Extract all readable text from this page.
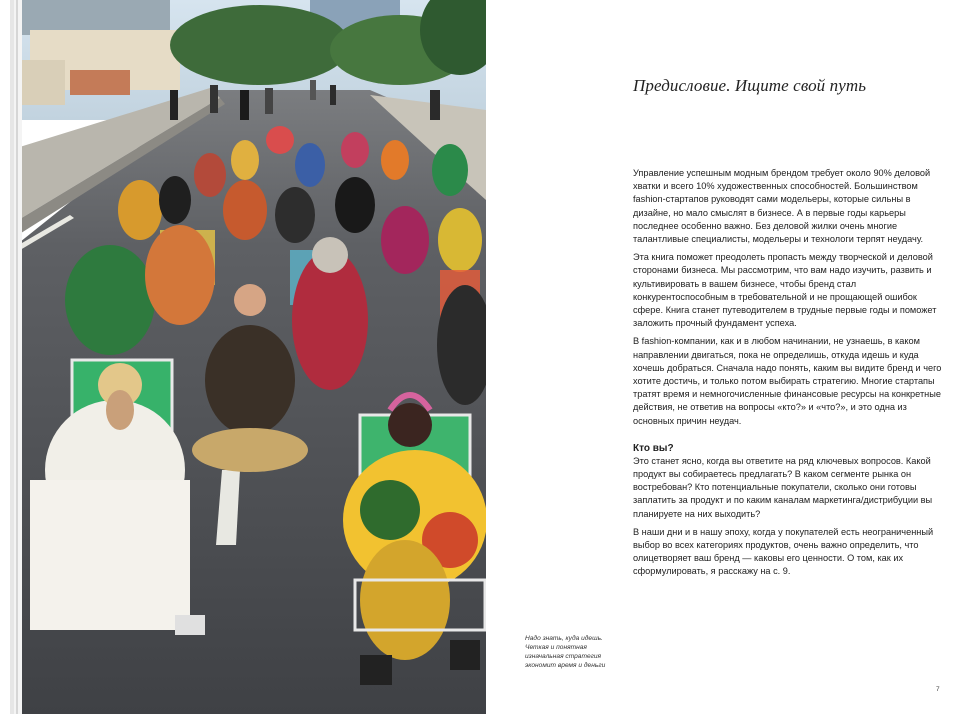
Предисловие. Ищите свой путь

Управление успешным модным брендом требует около 90% деловой хватки и всего 10% художественных способностей. Большинством fashion-стартапов руководят сами модельеры, которые сильны в дизайне, но мало смыслят в бизнесе. А в первые годы карьеры последнее особенно важно. Без деловой жилки очень многие талантливые специалисты, модельеры и технологи терпят неудачу.

Эта книга поможет преодолеть пропасть между творческой и деловой сторонами бизнеса. Мы рассмотрим, что вам надо изучить, развить и культивировать в вашем бизнесе, чтобы бренд стал конкурентоспособным в требовательной и не прощающей ошибок сфере. Книга станет путеводителем в трудные первые годы и поможет заложить прочный фундамент успеха.

В fashion-компании, как и в любом начинании, не узнаешь, в каком направлении двигаться, пока не определишь, откуда идешь и куда хочешь добраться. Сначала надо понять, каким вы видите бренд и чего хотите достичь, и только потом выбирать стратегию. Многие стартапы тратят время и немногочисленные финансовые ресурсы на конкретные действия, не ответив на вопросы «кто?» и «что?», и это одна из основных причин неудач.

Кто вы?

Это станет ясно, когда вы ответите на ряд ключевых вопросов. Какой продукт вы собираетесь предлагать? В каком сегменте рынка он востребован? Кто потенциальные покупатели, сколько они готовы заплатить за продукт и по каким каналам маркетинга/дистрибуции вы планируете на них выходить?

В наши дни и в нашу эпоху, когда у покупателей есть неограниченный выбор во всех категориях продуктов, очень важно определить, что олицетворяет ваш бренд — каковы его ценности. О том, как их сформулировать, я расскажу на с. 9.

Надо знать, куда идешь. Четкая и понятная изначальная стратегия экономит время и деньги
7
